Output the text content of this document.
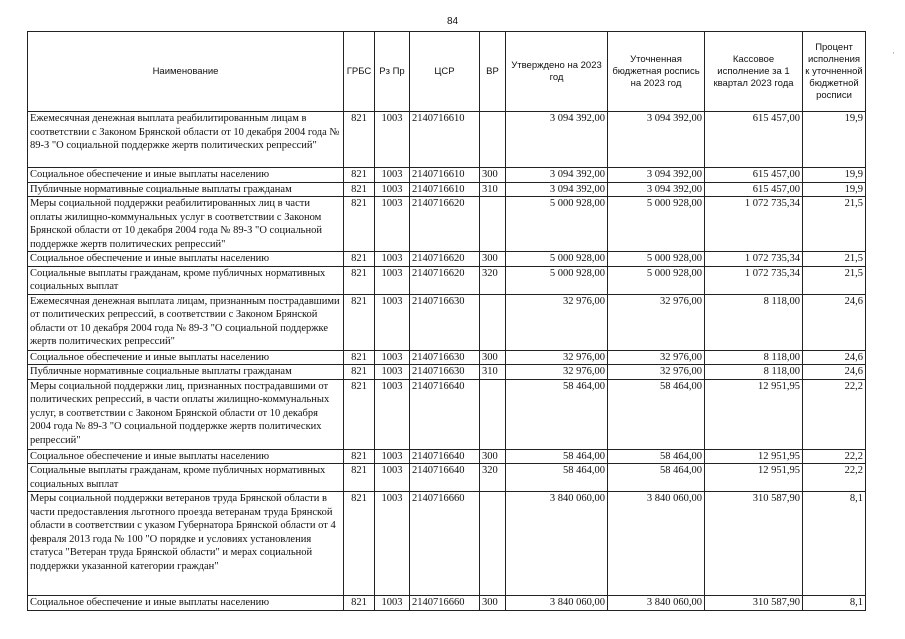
84
·
Наименование	ГРБС	Рз Пр	ЦСР	ВР	Утверждено на 2023 год	Уточненная бюджетная роспись на 2023 год	Кассовое исполнение за 1 квартал 2023 года	Процент исполнения к уточненной бюджетной росписи
Ежемесячная денежная выплата реабилитированным лицам в соответствии с Законом Брянской области от 10 декабря 2004 года № 89-З "О социальной поддержке жертв политических репрессий"	821	1003	2140716610		3 094 392,00	3 094 392,00	615 457,00	19,9
Социальное обеспечение и иные выплаты населению	821	1003	2140716610	300	3 094 392,00	3 094 392,00	615 457,00	19,9
Публичные нормативные социальные выплаты гражданам	821	1003	2140716610	310	3 094 392,00	3 094 392,00	615 457,00	19,9
Меры социальной поддержки реабилитированных лиц в части оплаты жилищно-коммунальных услуг в соответствии с Законом Брянской области от 10 декабря 2004 года № 89-З "О социальной поддержке жертв политических репрессий"	821	1003	2140716620		5 000 928,00	5 000 928,00	1 072 735,34	21,5
Социальное обеспечение и иные выплаты населению	821	1003	2140716620	300	5 000 928,00	5 000 928,00	1 072 735,34	21,5
Социальные выплаты гражданам, кроме публичных нормативных социальных выплат	821	1003	2140716620	320	5 000 928,00	5 000 928,00	1 072 735,34	21,5
Ежемесячная денежная выплата лицам, признанным пострадавшими от политических репрессий, в соответствии с Законом Брянской области от 10 декабря 2004 года № 89-З "О социальной поддержке жертв политических репрессий"	821	1003	2140716630		32 976,00	32 976,00	8 118,00	24,6
Социальное обеспечение и иные выплаты населению	821	1003	2140716630	300	32 976,00	32 976,00	8 118,00	24,6
Публичные нормативные социальные выплаты гражданам	821	1003	2140716630	310	32 976,00	32 976,00	8 118,00	24,6
Меры социальной поддержки лиц, признанных пострадавшими от политических репрессий, в части оплаты жилищно-коммунальных услуг, в соответствии с Законом Брянской области от 10 декабря 2004 года № 89-З "О социальной поддержке жертв политических репрессий"	821	1003	2140716640		58 464,00	58 464,00	12 951,95	22,2
Социальное обеспечение и иные выплаты населению	821	1003	2140716640	300	58 464,00	58 464,00	12 951,95	22,2
Социальные выплаты гражданам, кроме публичных нормативных социальных выплат	821	1003	2140716640	320	58 464,00	58 464,00	12 951,95	22,2
Меры социальной поддержки ветеранов труда Брянской области в части предоставления льготного проезда ветеранам труда Брянской области в соответствии с указом Губернатора Брянской области от 4 февраля 2013 года № 100 "О порядке и условиях установления статуса "Ветеран труда Брянской области" и мерах социальной поддержки указанной категории граждан"	821	1003	2140716660		3 840 060,00	3 840 060,00	310 587,90	8,1
Социальное обеспечение и иные выплаты населению	821	1003	2140716660	300	3 840 060,00	3 840 060,00	310 587,90	8,1
